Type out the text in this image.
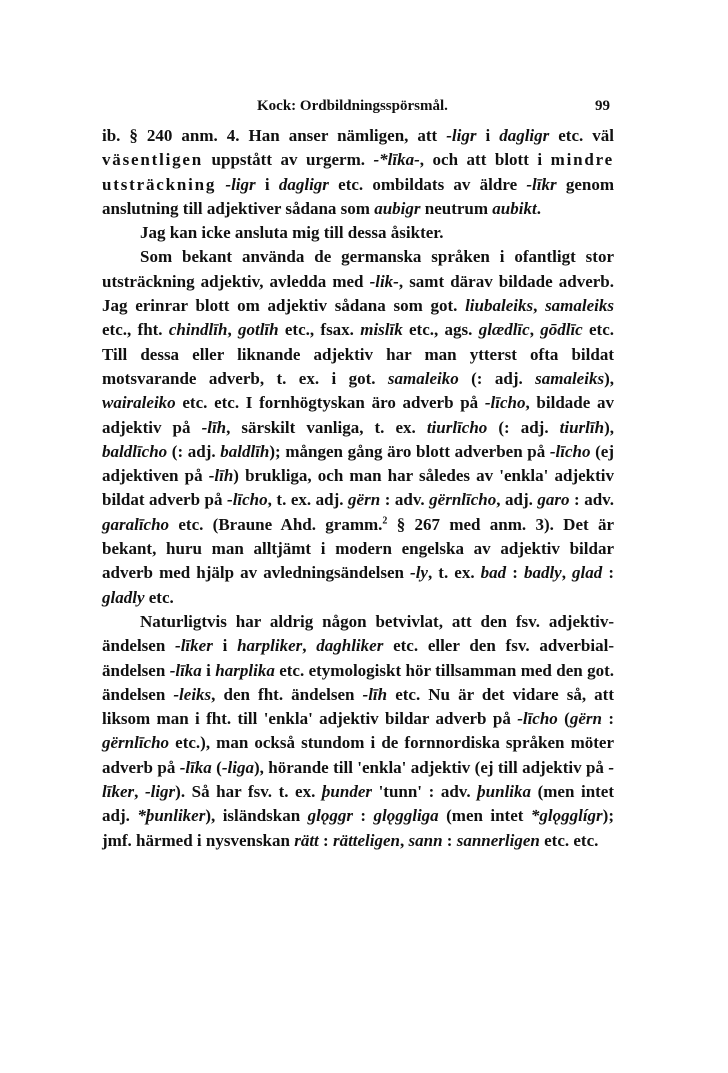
Kock: Ordbildningsspörsmål.	99

ib. § 240 anm. 4. Han anser nämligen, att -ligr i dagligr etc. väl väsentligen uppstått av urgerm. -*līka-, och att blott i mindre utsträckning -ligr i dagligr etc. ombildats av äldre -līkr genom anslutning till adjektiver sådana som aubigr neutrum aubikt.

Jag kan icke ansluta mig till dessa åsikter.

Som bekant använda de germanska språken i ofantligt stor utsträckning adjektiv, avledda med -lik-, samt därav bildade adverb. Jag erinrar blott om adjektiv sådana som got. liubaleiks, samaleiks etc., fht. chindlīh, gotlīh etc., fsax. mislīk etc., ags. glædlīc, gōdlīc etc. Till dessa eller liknande adjektiv har man ytterst ofta bildat motsvarande adverb, t. ex. i got. samaleiko (: adj. samaleiks), wairaleiko etc. etc. I fornhögtyskan äro adverb på -līcho, bildade av adjektiv på -līh, särskilt vanliga, t. ex. tiurlīcho (: adj. tiurlīh), baldlīcho (: adj. baldlīh); mången gång äro blott adverben på -līcho (ej adjektiven på -līh) brukliga, och man har således av 'enkla' adjektiv bildat adverb på -līcho, t. ex. adj. gërn : adv. gërnlīcho, adj. garo : adv. garalīcho etc. (Braune Ahd. gramm.$^2$ § 267 med anm. 3). Det är bekant, huru man alltjämt i modern engelska av adjektiv bildar adverb med hjälp av avledningsändelsen -ly, t. ex. bad : badly, glad : gladly etc.

Naturligtvis har aldrig någon betvivlat, att den fsv. adjektiv-ändelsen -līker i harpliker, daghliker etc. eller den fsv. adverbial-ändelsen -līka i harplika etc. etymologiskt hör tillsamman med den got. ändelsen -leiks, den fht. ändelsen -līh etc. Nu är det vidare så, att liksom man i fht. till 'enkla' adjektiv bildar adverb på -līcho (gërn : gërnlīcho etc.), man också stundom i de fornnordiska språken möter adverb på -līka (-liga), hörande till 'enkla' adjektiv (ej till adjektiv på -līker, -ligr). Så har fsv. t. ex. þunder 'tunn' : adv. þunlika (men intet adj. *þunliker), isländskan glǫggr : glǫggliga (men intet *glǫgglígr); jmf. härmed i nysvenskan rätt : rätteligen, sann : sannerligen etc. etc.
